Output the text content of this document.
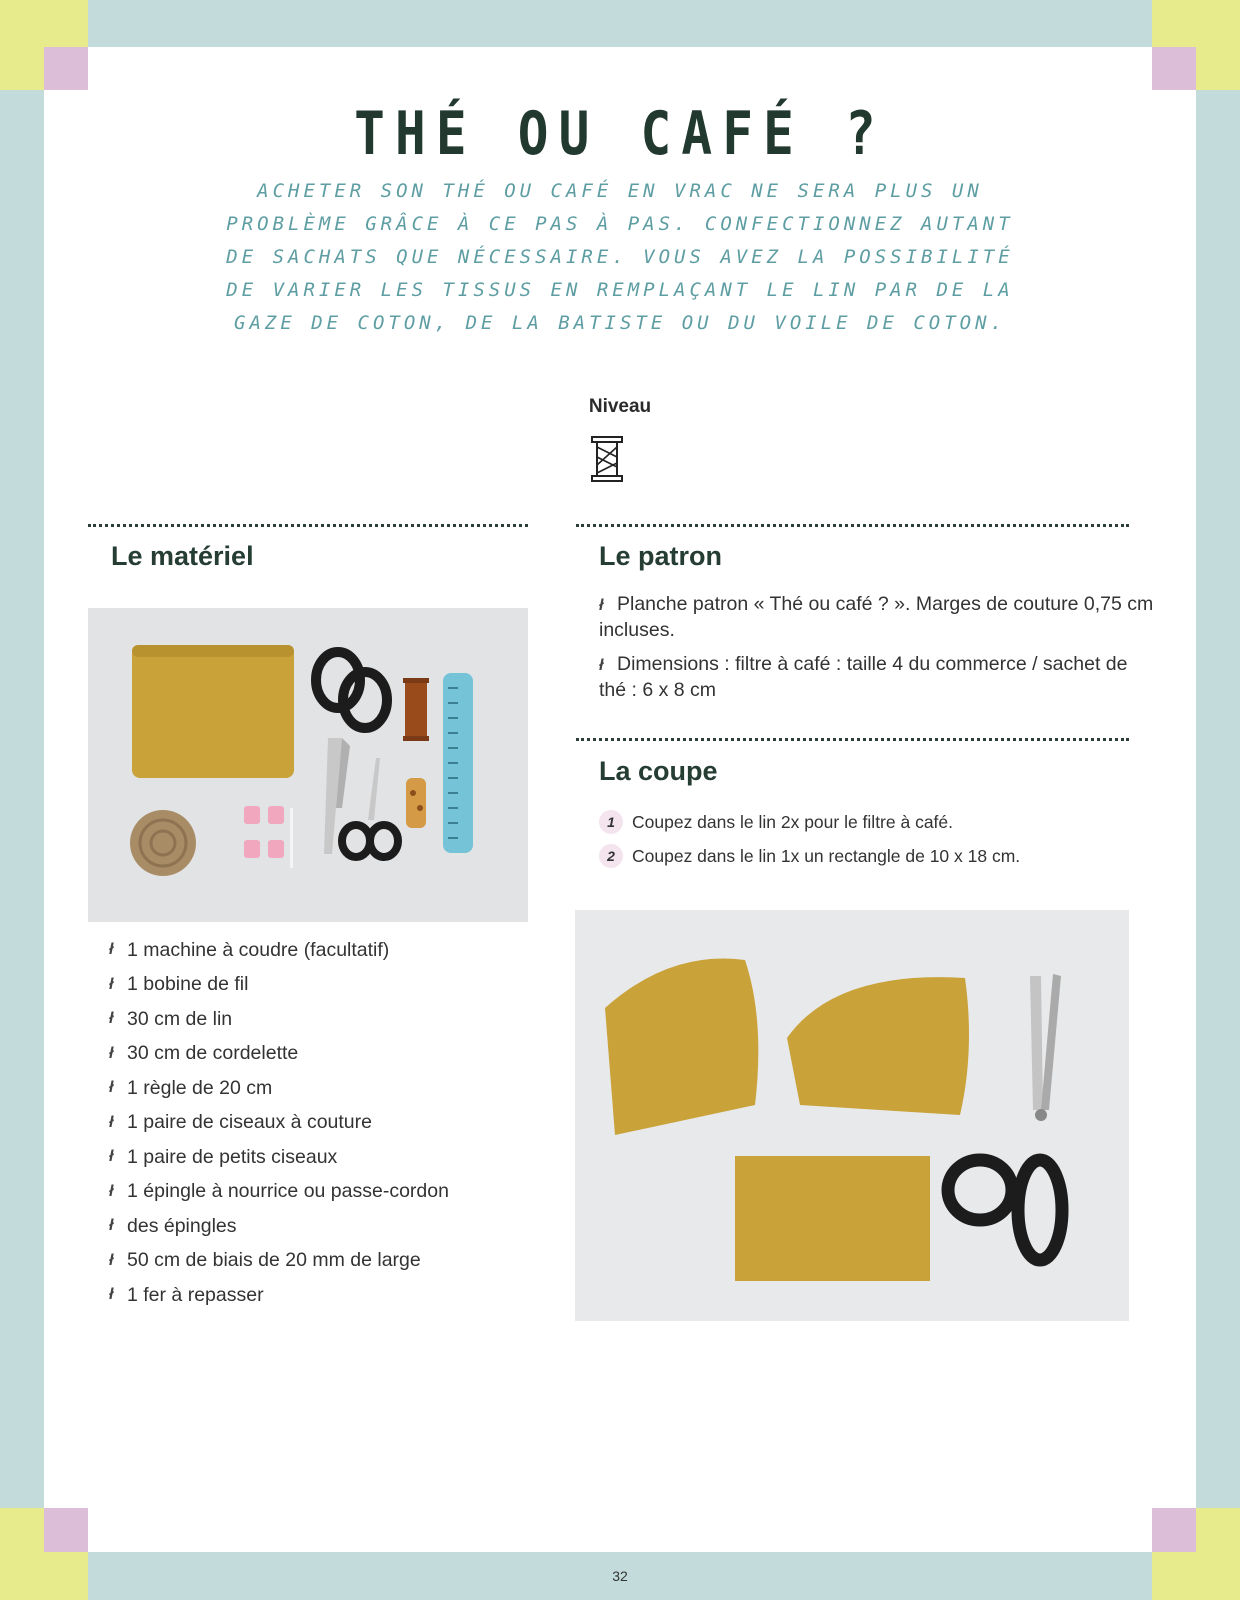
THÉ OU CAFÉ ?
ACHETER SON THÉ OU CAFÉ EN VRAC NE SERA PLUS UN PROBLÈME GRÂCE À CE PAS À PAS. CONFECTIONNEZ AUTANT DE SACHATS QUE NÉCESSAIRE. VOUS AVEZ LA POSSIBILITÉ DE VARIER LES TISSUS EN REMPLAÇANT LE LIN PAR DE LA GAZE DE COTON, DE LA BATISTE OU DU VOILE DE COTON.
Niveau
Le matériel
ł 1 machine à coudre (facultatif)
ł 1 bobine de fil
ł 30 cm de lin
ł 30 cm de cordelette
ł 1 règle de 20 cm
ł 1 paire de ciseaux à couture
ł 1 paire de petits ciseaux
ł 1 épingle à nourrice ou passe-cordon
ł des épingles
ł 50 cm de biais de 20 mm de large
ł 1 fer à repasser
Le patron

ł Planche patron « Thé ou café ? ». Marges de couture 0,75 cm incluses.

ł Dimensions : filtre à café : taille 4 du commerce / sachet de thé : 6 x 8 cm

La coupe
1 Coupez dans le lin 2x pour le filtre à café.
2 Coupez dans le lin 1x un rectangle de 10 x 18 cm.
32
